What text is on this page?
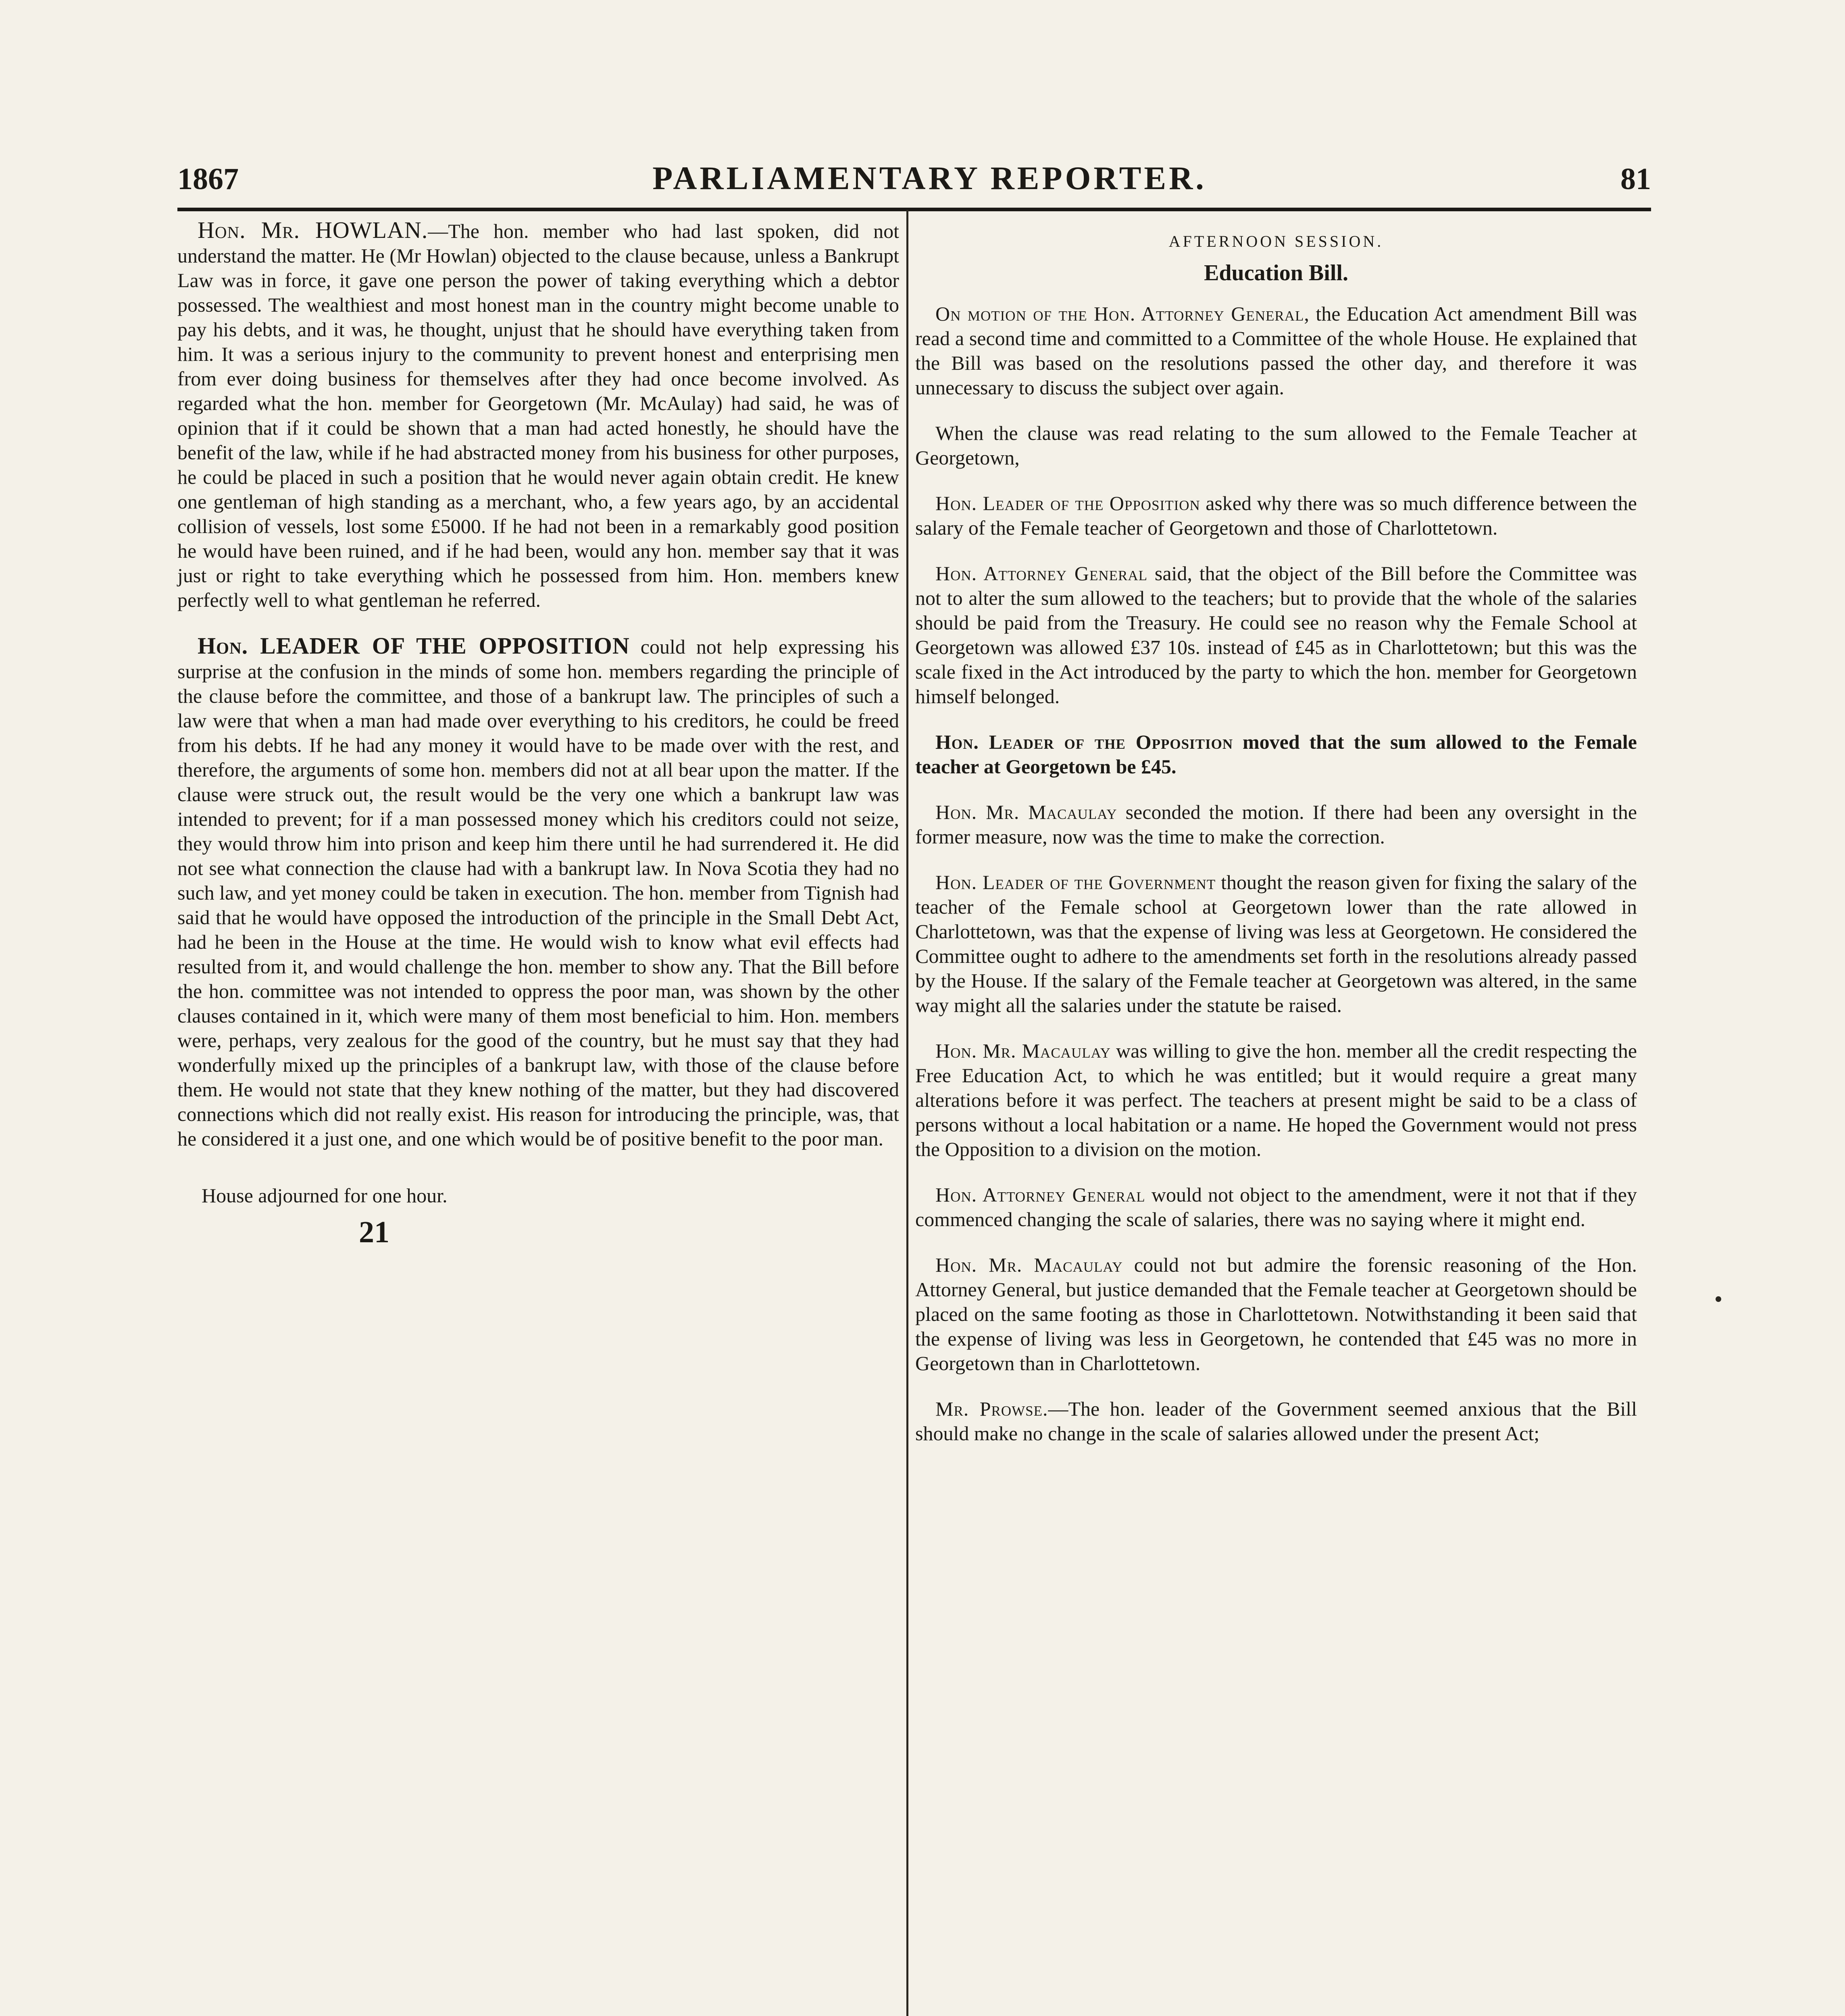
1867	PARLIAMENTARY REPORTER.	81

Hon. Mr. HOWLAN.—The hon. member who had last spoken, did not understand the matter. He (Mr Howlan) objected to the clause because, unless a Bankrupt Law was in force, it gave one person the power of taking everything which a debtor possessed. The wealthiest and most honest man in the country might become unable to pay his debts, and it was, he thought, unjust that he should have everything taken from him. It was a serious injury to the community to prevent honest and enterprising men from ever doing business for themselves after they had once become involved. As regarded what the hon. member for Georgetown (Mr. McAulay) had said, he was of opinion that if it could be shown that a man had acted honestly, he should have the benefit of the law, while if he had abstracted money from his business for other purposes, he could be placed in such a position that he would never again obtain credit. He knew one gentleman of high standing as a merchant, who, a few years ago, by an accidental collision of vessels, lost some £5000. If he had not been in a remarkably good position he would have been ruined, and if he had been, would any hon. member say that it was just or right to take everything which he possessed from him. Hon. members knew perfectly well to what gentleman he referred.

Hon. LEADER OF THE OPPOSITION could not help expressing his surprise at the confusion in the minds of some hon. members regarding the principle of the clause before the committee, and those of a bankrupt law. The principles of such a law were that when a man had made over everything to his creditors, he could be freed from his debts. If he had any money it would have to be made over with the rest, and therefore, the arguments of some hon. members did not at all bear upon the matter. If the clause were struck out, the result would be the very one which a bankrupt law was intended to prevent; for if a man possessed money which his creditors could not seize, they would throw him into prison and keep him there until he had surrendered it. He did not see what connection the clause had with a bankrupt law. In Nova Scotia they had no such law, and yet money could be taken in execution. The hon. member from Tignish had said that he would have opposed the introduction of the principle in the Small Debt Act, had he been in the House at the time. He would wish to know what evil effects had resulted from it, and would challenge the hon. member to show any. That the Bill before the hon. committee was not intended to oppress the poor man, was shown by the other clauses contained in it, which were many of them most beneficial to him. Hon. members were, perhaps, very zealous for the good of the country, but he must say that they had wonderfully mixed up the principles of a bankrupt law, with those of the clause before them. He would not state that they knew nothing of the matter, but they had discovered connections which did not really exist. His reason for introducing the principle, was, that he considered it a just one, and one which would be of positive benefit to the poor man.

House adjourned for one hour.

21

AFTERNOON SESSION.

Education Bill.

On motion of the Hon. Attorney General, the Education Act amendment Bill was read a second time and committed to a Committee of the whole House. He explained that the Bill was based on the resolutions passed the other day, and therefore it was unnecessary to discuss the subject over again.

When the clause was read relating to the sum allowed to the Female Teacher at Georgetown,

Hon. Leader of the Opposition asked why there was so much difference between the salary of the Female teacher of Georgetown and those of Charlottetown.

Hon. Attorney General said, that the object of the Bill before the Committee was not to alter the sum allowed to the teachers; but to provide that the whole of the salaries should be paid from the Treasury. He could see no reason why the Female School at Georgetown was allowed £37 10s. instead of £45 as in Charlottetown; but this was the scale fixed in the Act introduced by the party to which the hon. member for Georgetown himself belonged.

Hon. Leader of the Opposition moved that the sum allowed to the Female teacher at Georgetown be £45.

Hon. Mr. Macaulay seconded the motion. If there had been any oversight in the former measure, now was the time to make the correction.

Hon. Leader of the Government thought the reason given for fixing the salary of the teacher of the Female school at Georgetown lower than the rate allowed in Charlottetown, was that the expense of living was less at Georgetown. He considered the Committee ought to adhere to the amendments set forth in the resolutions already passed by the House. If the salary of the Female teacher at Georgetown was altered, in the same way might all the salaries under the statute be raised.

Hon. Mr. Macaulay was willing to give the hon. member all the credit respecting the Free Education Act, to which he was entitled; but it would require a great many alterations before it was perfect. The teachers at present might be said to be a class of persons without a local habitation or a name. He hoped the Government would not press the Opposition to a division on the motion.

Hon. Attorney General would not object to the amendment, were it not that if they commenced changing the scale of salaries, there was no saying where it might end.

Hon. Mr. Macaulay could not but admire the forensic reasoning of the Hon. Attorney General, but justice demanded that the Female teacher at Georgetown should be placed on the same footing as those in Charlottetown. Notwithstanding it been said that the expense of living was less in Georgetown, he contended that £45 was no more in Georgetown than in Charlottetown.

Mr. Prowse.—The hon. leader of the Government seemed anxious that the Bill should make no change in the scale of salaries allowed under the present Act;
